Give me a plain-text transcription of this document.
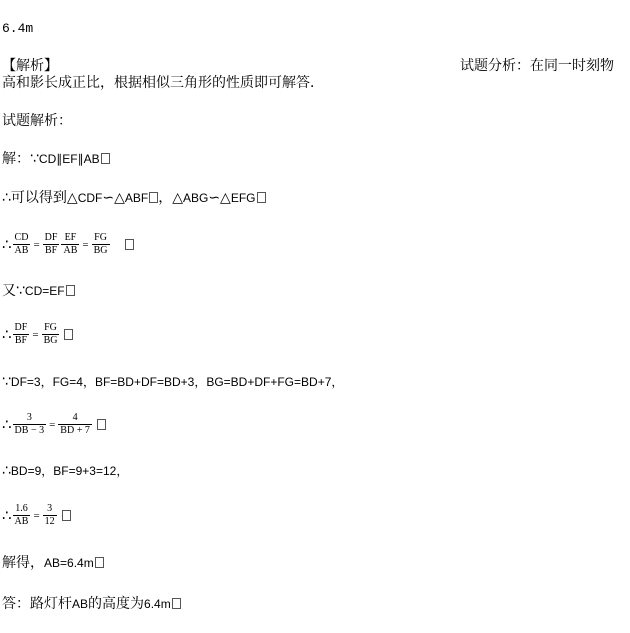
6.4m
【解析】	试题分析：在同一时刻物
高和影长成正比，根据相似三角形的性质即可解答．
试题解析：
解：∵CD∥EF∥AB
∴可以得到△CDF∽△ABF ，△ABG∽△EFG
∴ $\frac{CD}{AB} = \frac{DF}{BF} \frac{EF}{AB} = \frac{FG}{BG}$

又∵CD=EF
∴ $\frac{DF}{BF} = \frac{FG}{BG}$
∵DF=3，FG=4，BF=BD+DF=BD+3，BG=BD+DF+FG=BD+7，
∴ $\frac{3}{DB - 3} = \frac{4}{BD + 7}$
∴BD=9，BF=9+3=12，
∴ $\frac{1.6}{AB} = \frac{3}{12}$
解得，AB=6.4m
答：路灯杆AB的高度为6.4m
